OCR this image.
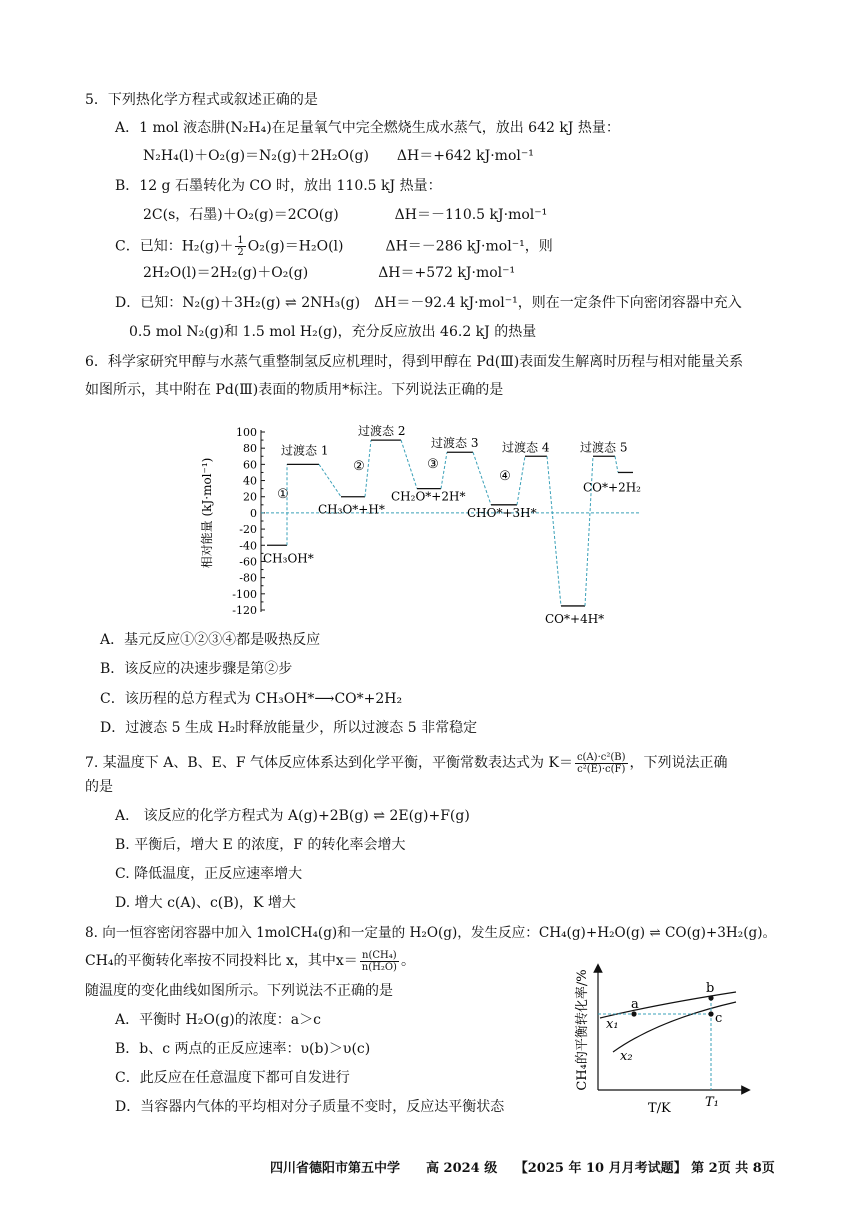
5．下列热化学方程式或叙述正确的是
A．1 mol 液态肼(N₂H₄)在足量氧气中完全燃烧生成水蒸气，放出 642 kJ 热量：
N₂H₄(l)＋O₂(g)＝N₂(g)＋2H₂O(g)　　ΔH＝+642 kJ·mol⁻¹
B．12 g 石墨转化为 CO 时，放出 110.5 kJ 热量：
2C(s，石墨)＋O₂(g)＝2CO(g)　　　　ΔH＝－110.5 kJ·mol⁻¹
C．已知：$H_2(g)+ \frac{1}{2} O_2(g)=H_2O(l)$　　　ΔH＝－286 kJ·mol⁻¹，则
2H₂O(l)＝2H₂(g)＋O₂(g)　　　　　ΔH＝+572 kJ·mol⁻¹
D．已知：N₂(g)＋3H₂(g) ⇌ 2NH₃(g)　ΔH＝－92.4 kJ·mol⁻¹，则在一定条件下向密闭容器中充入
0.5 mol N₂(g)和 1.5 mol H₂(g)，充分反应放出 46.2 kJ 的热量
6．科学家研究甲醇与水蒸气重整制氢反应机理时，得到甲醇在 Pd(Ⅲ)表面发生解离时历程与相对能量关系
如图所示，其中附在 Pd(Ⅲ)表面的物质用*标注。下列说法正确的是
相对能量 (kJ·mol⁻¹)
100
80
60
40
20
0
-20
-40
-60
-80
-100
-120
CH₃OH*
过渡态 1
CH₃O*+H*
过渡态 2
CH₂O*+2H*
过渡态 3
CHO*+3H*
过渡态 4
CO*+4H*
过渡态 5
CO*+2H₂
①
②	③
④
A．基元反应①②③④都是吸热反应
B．该反应的决速步骤是第②步
C．该历程的总方程式为 CH₃OH*⟶CO*+2H₂
D．过渡态 5 生成 H₂时释放能量少，所以过渡态 5 非常稳定
7. 某温度下 A、B、E、F 气体反应体系达到化学平衡，平衡常数表达式为 $K= \frac{\text{c(A)·c²(B)}}{\text{c²(E)·c(F)}}$ ，下列说法正确
的是
A． 该反应的化学方程式为 A(g)+2B(g) ⇌ 2E(g)+F(g)
B. 平衡后，增大 E 的浓度，F 的转化率会增大
C. 降低温度，正反应速率增大
D. 增大 c(A)、c(B)，K 增大
8. 向一恒容密闭容器中加入 1molCH₄(g)和一定量的 H₂O(g)，发生反应：CH₄(g)+H₂O(g) ⇌ CO(g)+3H₂(g)。
CH₄的平衡转化率按不同投料比 x，其中$x= \frac{\text{n(CH₄)}}{\text{n(H₂O)}}$ 。
随温度的变化曲线如图所示。下列说法不正确的是
A．平衡时 H₂O(g)的浓度：a＞c
B．b、c 两点的正反应速率：υ(b)＞υ(c)
C．此反应在任意温度下都可自发进行
D．当容器内气体的平均相对分子质量不变时，反应达平衡状态
CH₄的平衡转化率/%	a
b
c
x₁
x₂
T₁
T/K
四川省德阳市第五中学　　高 2024 级　 【2025 年 10 月月考试题】 第 2页 共 8页
